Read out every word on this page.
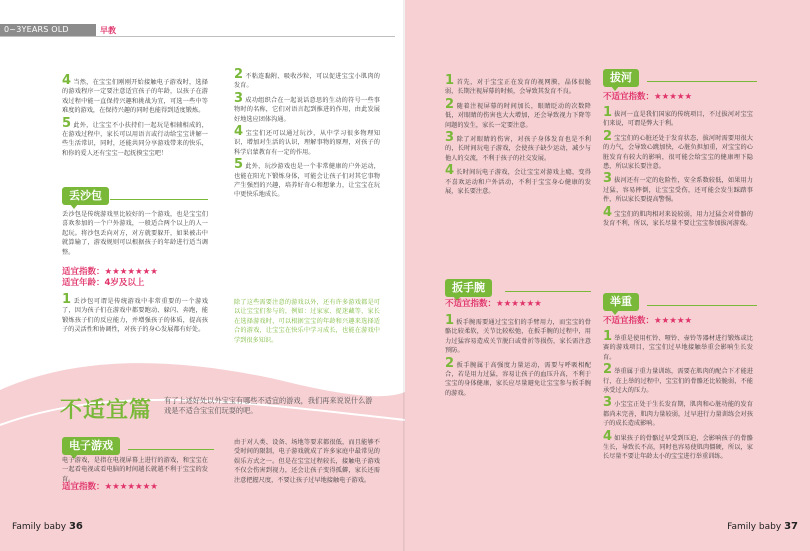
0~3YEARS OLD	早教
4 当然，在宝宝们刚刚开始接触电子游戏时，选择的游戏程序一定要注意适宜孩子的年龄，以孩子在游戏过程中能一直保持兴趣和挑战为宜，可选一些中等难度的游戏，在保持兴趣的同时也能得到适度锻炼。
5 此外，让宝宝不小扶持们一起玩是相辅相成的，在游戏过程中，家长可以用语言或行动给宝宝讲解一些生活常识，同时，还能共同分享游戏带来的快乐，和你的爱人还有宝宝一起抚摸宝宝吧！
丢沙包
丢沙包是传统游戏里比较好的一个游戏，也是宝宝们喜欢参加的一个户外游戏，一般适合两个以上的人一起玩。将沙包丢向对方，对方就要躲开，如果被击中就算输了，游戏规则可以根据孩子的年龄进行适当调整。
适宜指数：★★★★★★★
适宜年龄：4岁及以上
1 丢沙包可谓是传统游戏中非常重要的一个游戏了，因为孩子们在游戏中都要跑动、躲闪、奔跑，能锻炼孩子们的反应能力，并增强孩子的体质，提高孩子的灵活性和协调性，对孩子的身心发展都有好处。
2 不粘连黏附、吸收沙粒，可以促进宝宝小肌肉的发育。
3 成功组织合在一起说话意思的生动的符号一些事物时的名称，它们对语言起到推进的作用，由此发展好地选应团体沟通。
4 宝宝们还可以通过玩沙，从中学习很多物理知识，增加对生活的认识，理解事物的原理，对孩子的科学启蒙教育有一定的作用。
5 此外，玩沙游戏也是一个非常健康的户外运动，也能在阳光下锻炼身体，可能会让孩子们对其它事物产生强烈的兴趣，培养好奇心和想象力，让宝宝在玩中更快乐地成长。
除了这些需要注意的游戏以外，还有许多游戏都是可以让宝宝们参与的，例如：过家家、捉迷藏等，家长在选择游戏时，可以根据宝宝的年龄和兴趣来选择适合的游戏，让宝宝在快乐中学习成长，也能在游戏中学到很多知识。
不适宜篇 有了上述好处以外宝宝有哪些不适宜的游戏，我们再来说说什么游戏是不适合宝宝们玩耍的吧。
电子游戏
电子游戏，是指在电视屏幕上进行的游戏，和宝宝在一起看电视或看电脑的时间越长就越不利于宝宝的发育。
适宜指数：★★★★★★★
由于对人类、设备、场地等要求都很低，而且能够不受时间的限制，电子游戏就成了许多家庭中最常见的娱乐方式之一。但是在宝宝过程较长，接触电子游戏不仅会伤害到视力，还会让孩子变得孤僻，家长还需注意把握尺度，不要让孩子过早地接触电子游戏。
Family baby 36
1 首先，对于宝宝正在发育的视网膜，晶体很脆弱，长期注视屏幕的时候，会导致其发育不良。
2 随着注视屏幕的时间加长，眼睛眨动的次数降低，对眼睛的伤害也大大增加，还会导致视力下降等问题的发生，家长一定要注意。
3 除了对眼睛的伤害，对孩子身体发育也是不利的，长时间玩电子游戏，会使孩子缺少运动，减少与他人的交流，不利于孩子的社交发展。
4 长时间玩电子游戏，会让宝宝对游戏上瘾，变得不喜欢运动和户外活动，不利于宝宝身心健康的发展，家长要注意。
扳手腕
不适宜指数：★★★★★★
1 扳手腕需要通过宝宝们的手臂用力，而宝宝的骨骼比较柔软，关节比较松弛，在扳手腕的过程中，用力过猛容易造成关节脱臼或骨折等损伤，家长需注意预防。
2 扳手腕属于高强度力量运动，需要与呼吸相配合，若是用力过猛，容易让孩子的血压升高，不利于宝宝的身体健康，家长应尽量避免让宝宝参与扳手腕的游戏。
拔河
不适宜指数：★★★★★
1 拔河一直是我们国家的传统项目，不过拔河对宝宝们来说，可谓是弊大于利。
2 宝宝们的心脏还处于发育状态，拔河时需要用很大的力气，会导致心跳加快，心脏负担加重，对宝宝的心脏发育有较大的影响，很可能会给宝宝的健康埋下隐患，所以家长要注意。
3 拔河还有一定的危险性，安全系数较低，如果用力过猛，容易摔倒，让宝宝受伤，还可能会发生踩踏事件，所以家长要提高警惕。
4 宝宝们的肌肉相对来说较弱，用力过猛会对骨骼的发育不利，所以，家长尽量不要让宝宝参加拔河游戏。
举重
不适宜指数：★★★★★
1 举重是使用杠铃、哑铃、壶铃等器材进行锻炼或比赛的游戏项目，宝宝们过早地接触举重会影响生长发育。
2 举重属于重力量训练，需要在肌肉的配合下才能进行，在上举的过程中，宝宝们的骨骼还比较脆弱，不能承受过大的压力。
3 小宝宝正处于生长发育期，肌肉和心脏功能的发育都尚未完善，肌肉力量较弱，过早进行力量训练会对孩子的成长造成影响。
4 如果孩子的骨骼过早受到压迫，会影响孩子的骨骼生长，导致长不高，同时也容易使肌肉僵硬，所以，家长尽量不要让年龄太小的宝宝进行举重训练。
Family baby 37
